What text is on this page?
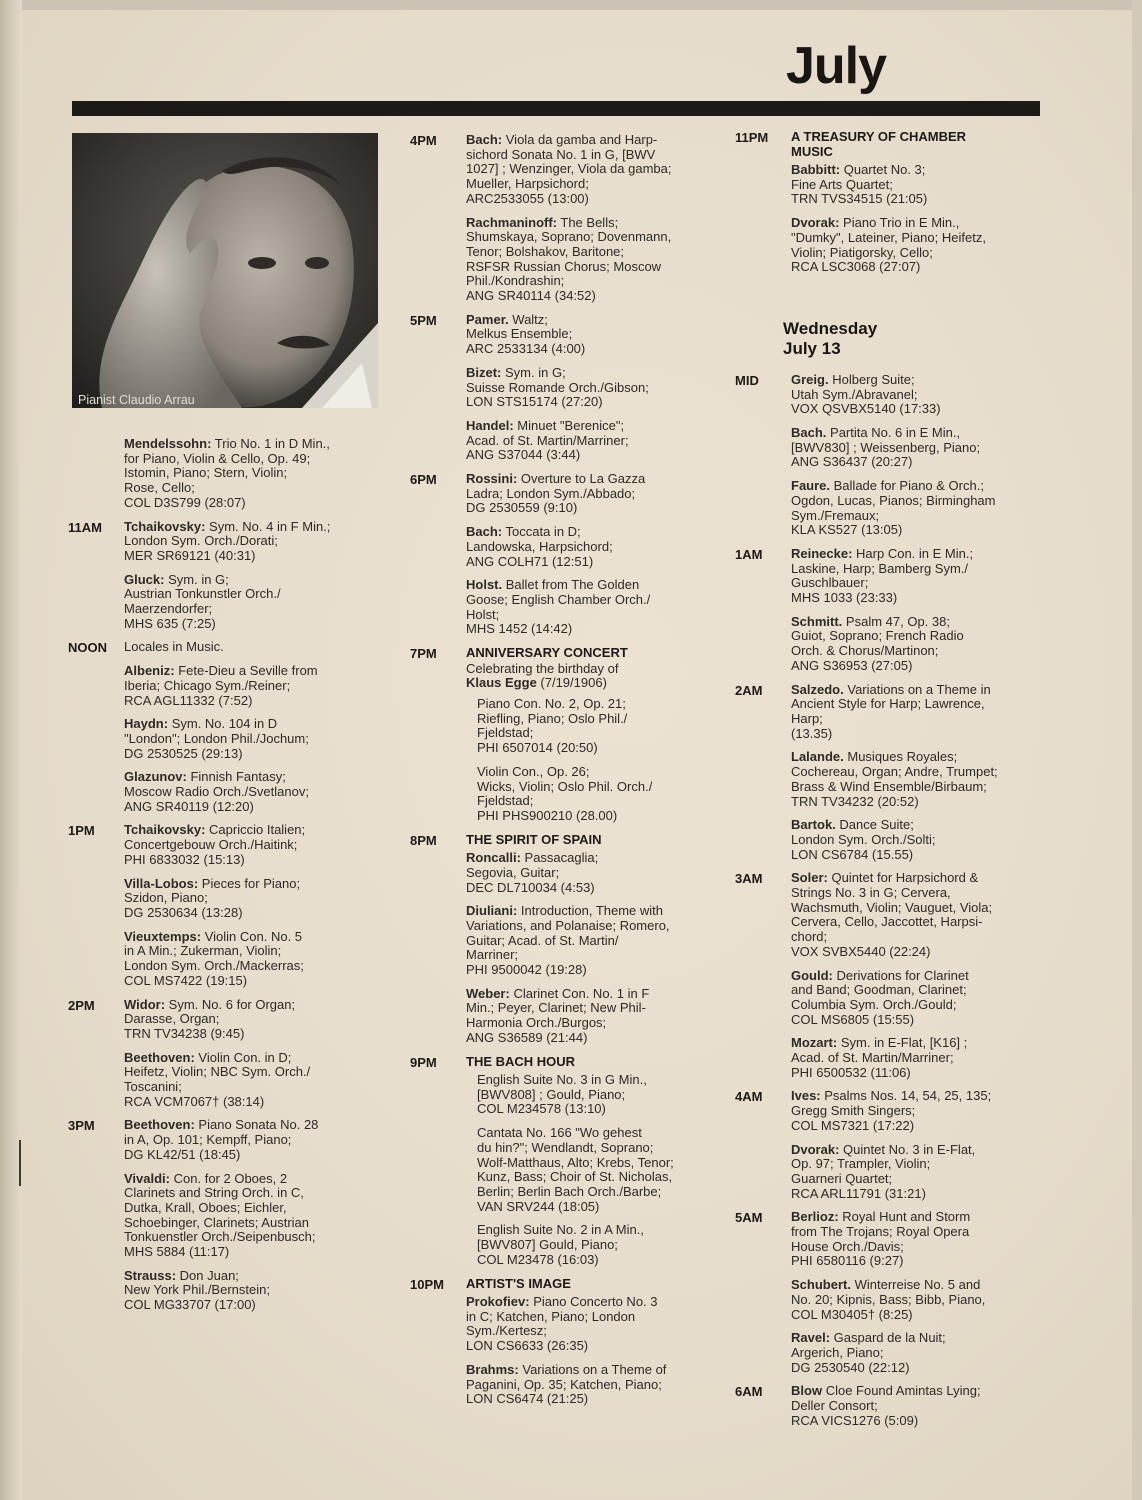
July
Pianist Claudio Arrau
Mendelssohn: Trio No. 1 in D Min.,
for Piano, Violin & Cello, Op. 49;
Istomin, Piano; Stern, Violin;
Rose, Cello;
COL D3S799 (28:07)
11AM Tchaikovsky: Sym. No. 4 in F Min.;
London Sym. Orch./Dorati;
MER SR69121 (40:31)
Gluck: Sym. in G;
Austrian Tonkunstler Orch./
Maerzendorfer;
MHS 635 (7:25)
NOON Locales in Music.
Albeniz: Fete-Dieu a Seville from
Iberia; Chicago Sym./Reiner;
RCA AGL11332 (7:52)
Haydn: Sym. No. 104 in D
"London"; London Phil./Jochum;
DG 2530525 (29:13)
Glazunov: Finnish Fantasy;
Moscow Radio Orch./Svetlanov;
ANG SR40119 (12:20)
1PM Tchaikovsky: Capriccio Italien;
Concertgebouw Orch./Haitink;
PHI 6833032 (15:13)
Villa-Lobos: Pieces for Piano;
Szidon, Piano;
DG 2530634 (13:28)
Vieuxtemps: Violin Con. No. 5
in A Min.; Zukerman, Violin;
London Sym. Orch./Mackerras;
COL MS7422 (19:15)
2PM Widor: Sym. No. 6 for Organ;
Darasse, Organ;
TRN TV34238 (9:45)
Beethoven: Violin Con. in D;
Heifetz, Violin; NBC Sym. Orch./
Toscanini;
RCA VCM7067† (38:14)
3PM Beethoven: Piano Sonata No. 28
in A, Op. 101; Kempff, Piano;
DG KL42/51 (18:45)
Vivaldi: Con. for 2 Oboes, 2
Clarinets and String Orch. in C,
Dutka, Krall, Oboes; Eichler,
Schoebinger, Clarinets; Austrian
Tonkuenstler Orch./Seipenbusch;
MHS 5884 (11:17)
Strauss: Don Juan;
New York Phil./Bernstein;
COL MG33707 (17:00)
4PM Bach: Viola da gamba and Harp-
sichord Sonata No. 1 in G, [BWV
1027] ; Wenzinger, Viola da gamba;
Mueller, Harpsichord;
ARC2533055 (13:00)
Rachmaninoff: The Bells;
Shumskaya, Soprano; Dovenmann,
Tenor; Bolshakov, Baritone;
RSFSR Russian Chorus; Moscow
Phil./Kondrashin;
ANG SR40114 (34:52)
5PM Pamer. Waltz;
Melkus Ensemble;
ARC 2533134 (4:00)
Bizet: Sym. in G;
Suisse Romande Orch./Gibson;
LON STS15174 (27:20)
Handel: Minuet "Berenice";
Acad. of St. Martin/Marriner;
ANG S37044 (3:44)
6PM Rossini: Overture to La Gazza
Ladra; London Sym./Abbado;
DG 2530559 (9:10)
Bach: Toccata in D;
Landowska, Harpsichord;
ANG COLH71 (12:51)
Holst. Ballet from The Golden
Goose; English Chamber Orch./
Holst;
MHS 1452 (14:42)
7PM ANNIVERSARY CONCERT
Celebrating the birthday of
Klaus Egge (7/19/1906)
Piano Con. No. 2, Op. 21;
Riefling, Piano; Oslo Phil./
Fjeldstad;
PHI 6507014 (20:50)
Violin Con., Op. 26;
Wicks, Violin; Oslo Phil. Orch./
Fjeldstad;
PHI PHS900210 (28.00)
8PM THE SPIRIT OF SPAIN
Roncalli: Passacaglia;
Segovia, Guitar;
DEC DL710034 (4:53)
Diuliani: Introduction, Theme with
Variations, and Polanaise; Romero,
Guitar; Acad. of St. Martin/
Marriner;
PHI 9500042 (19:28)
Weber: Clarinet Con. No. 1 in F
Min.; Peyer, Clarinet; New Phil-
Harmonia Orch./Burgos;
ANG S36589 (21:44)
9PM THE BACH HOUR
English Suite No. 3 in G Min.,
[BWV808] ; Gould, Piano;
COL M234578 (13:10)
Cantata No. 166 "Wo gehest
du hin?"; Wendlandt, Soprano;
Wolf-Matthaus, Alto; Krebs, Tenor;
Kunz, Bass; Choir of St. Nicholas,
Berlin; Berlin Bach Orch./Barbe;
VAN SRV244 (18:05)
English Suite No. 2 in A Min.,
[BWV807] Gould, Piano;
COL M23478 (16:03)
10PM ARTIST'S IMAGE
Prokofiev: Piano Concerto No. 3
in C; Katchen, Piano; London
Sym./Kertesz;
LON CS6633 (26:35)
Brahms: Variations on a Theme of
Paganini, Op. 35; Katchen, Piano;
LON CS6474 (21:25)
11PM A TREASURY OF CHAMBER
MUSIC
Babbitt: Quartet No. 3;
Fine Arts Quartet;
TRN TVS34515 (21:05)
Dvorak: Piano Trio in E Min.,
"Dumky", Lateiner, Piano; Heifetz,
Violin; Piatigorsky, Cello;
RCA LSC3068 (27:07)
Wednesday
July 13
MID Greig. Holberg Suite;
Utah Sym./Abravanel;
VOX QSVBX5140 (17:33)
Bach. Partita No. 6 in E Min.,
[BWV830] ; Weissenberg, Piano;
ANG S36437 (20:27)
Faure. Ballade for Piano & Orch.;
Ogdon, Lucas, Pianos; Birmingham
Sym./Fremaux;
KLA KS527 (13:05)
1AM Reinecke: Harp Con. in E Min.;
Laskine, Harp; Bamberg Sym./
Guschlbauer;
MHS 1033 (23:33)
Schmitt. Psalm 47, Op. 38;
Guiot, Soprano; French Radio
Orch. & Chorus/Martinon;
ANG S36953 (27:05)
2AM Salzedo. Variations on a Theme in
Ancient Style for Harp; Lawrence,
Harp;
(13.35)
Lalande. Musiques Royales;
Cochereau, Organ; Andre, Trumpet;
Brass & Wind Ensemble/Birbaum;
TRN TV34232 (20:52)
Bartok. Dance Suite;
London Sym. Orch./Solti;
LON CS6784 (15.55)
3AM Soler: Quintet for Harpsichord &
Strings No. 3 in G; Cervera,
Wachsmuth, Violin; Vauguet, Viola;
Cervera, Cello, Jaccottet, Harpsi-
chord;
VOX SVBX5440 (22:24)
Gould: Derivations for Clarinet
and Band; Goodman, Clarinet;
Columbia Sym. Orch./Gould;
COL MS6805 (15:55)
Mozart: Sym. in E-Flat, [K16] ;
Acad. of St. Martin/Marriner;
PHI 6500532 (11:06)
4AM Ives: Psalms Nos. 14, 54, 25, 135;
Gregg Smith Singers;
COL MS7321 (17:22)
Dvorak: Quintet No. 3 in E-Flat,
Op. 97; Trampler, Violin;
Guarneri Quartet;
RCA ARL11791 (31:21)
5AM Berlioz: Royal Hunt and Storm
from The Trojans; Royal Opera
House Orch./Davis;
PHI 6580116 (9:27)
Schubert. Winterreise No. 5 and
No. 20; Kipnis, Bass; Bibb, Piano,
COL M30405† (8:25)
Ravel: Gaspard de la Nuit;
Argerich, Piano;
DG 2530540 (22:12)
6AM Blow Cloe Found Amintas Lying;
Deller Consort;
RCA VICS1276 (5:09)
